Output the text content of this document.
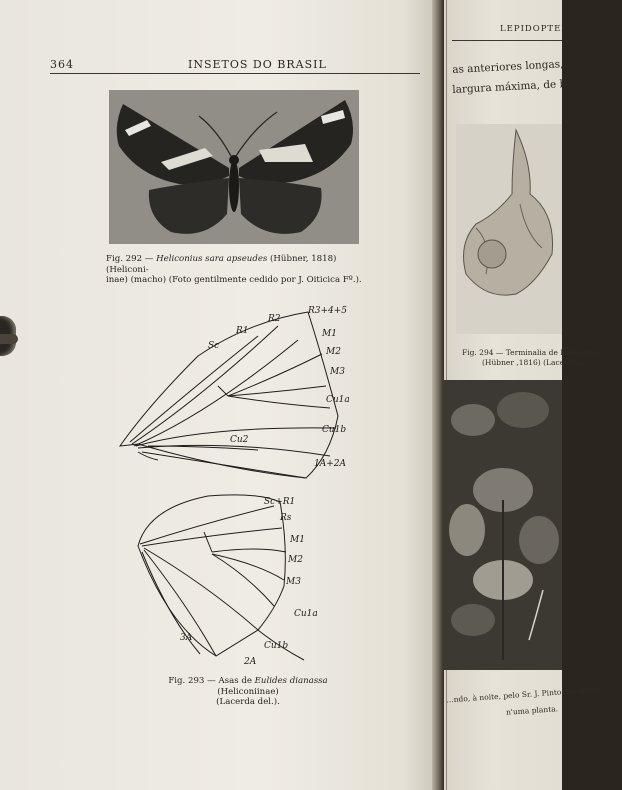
364	INSETOS DO BRASIL
Fig. 292 — Heliconius sara apseudes (Hübner, 1818) (Heliconi-
inae) (macho) (Foto gentilmente cedido por J. Oiticica Fº.).
R3+4+5
R2
R1
Sc
M1
M2
M3
Cu1a
Cu1b
Cu2
1A+2A
Sc+R1
Rs
M1
M2
M3
Cu1a
Cu1b
3A
2A
Fig. 293 — Asas de Eulides dianassa (Heliconiinae)
(Lacerda del.).
LEPIDOPTERA
as anteriores longas, pelo meno
largura máxima, de bordo ext
Fig. 294 — Terminalia de Heliconius
(Hübner ,1816) (Lacerda d
…ndo, à noite, pelo Sr. J. Pinto, de exemp
n'uma planta.
